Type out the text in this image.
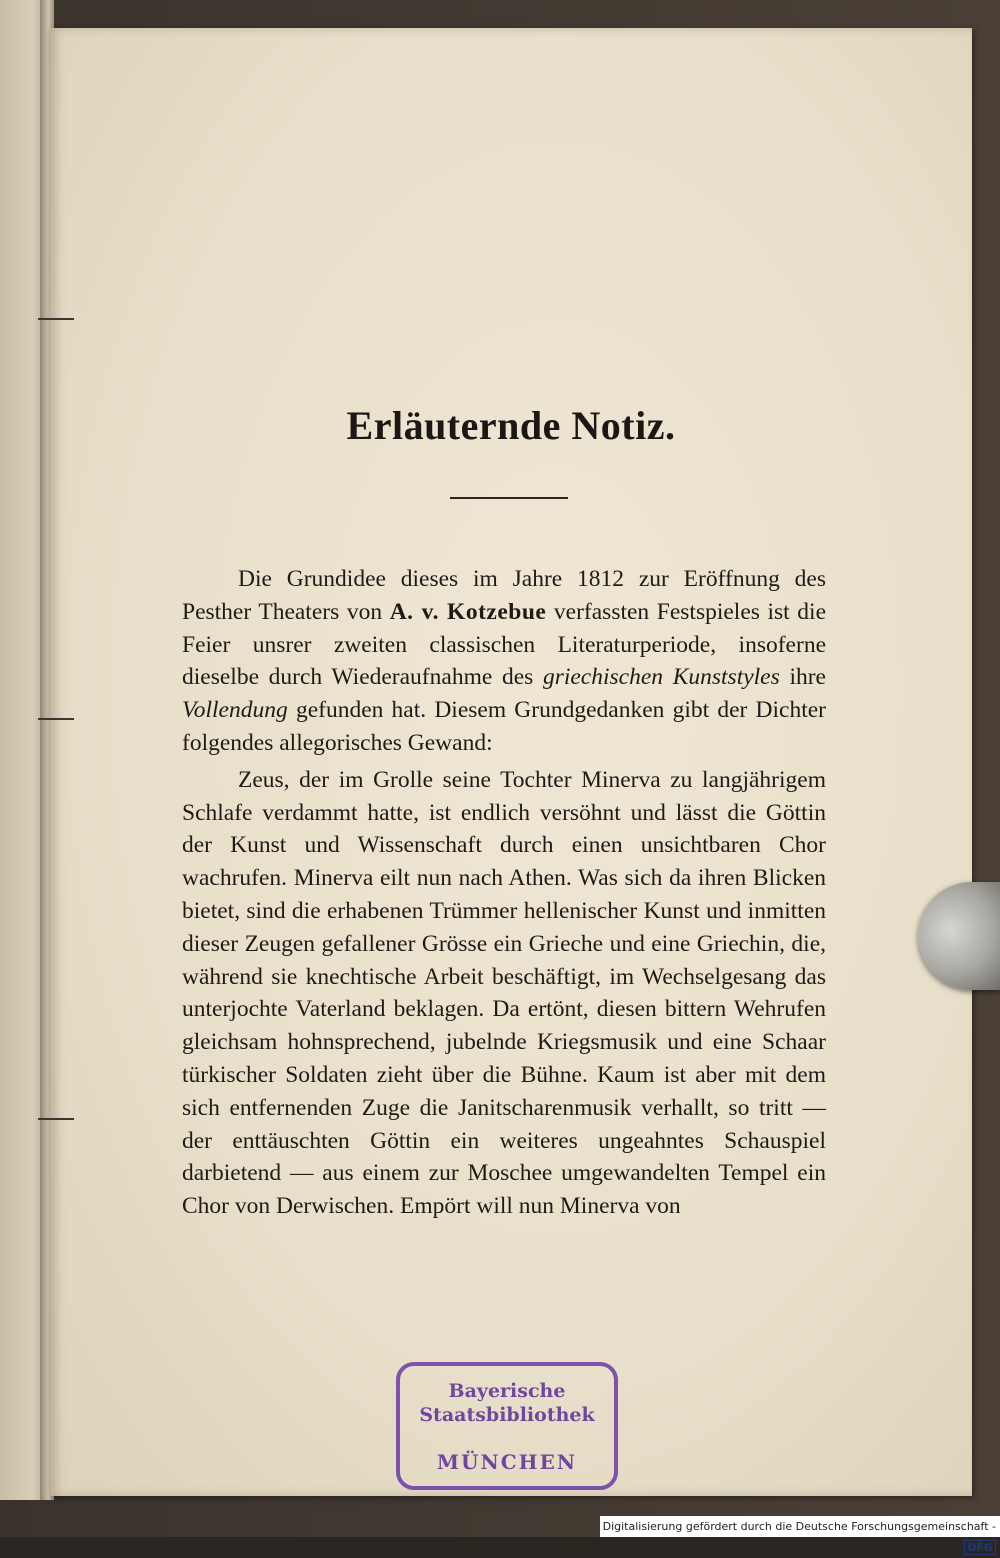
Erläuternde Notiz.

Die Grundidee dieses im Jahre 1812 zur Eröffnung des Pesther Theaters von A. v. Kotzebue verfassten Festspieles ist die Feier unsrer zweiten classischen Literaturperiode, insoferne dieselbe durch Wiederaufnahme des griechischen Kunststyles ihre Vollendung gefunden hat. Diesem Grundgedanken gibt der Dichter folgendes allegorisches Gewand:

Zeus, der im Grolle seine Tochter Minerva zu langjährigem Schlafe verdammt hatte, ist endlich versöhnt und lässt die Göttin der Kunst und Wissenschaft durch einen unsichtbaren Chor wachrufen. Minerva eilt nun nach Athen. Was sich da ihren Blicken bietet, sind die erhabenen Trümmer hellenischer Kunst und inmitten dieser Zeugen gefallener Grösse ein Grieche und eine Griechin, die, während sie knechtische Arbeit beschäftigt, im Wechselgesang das unterjochte Vaterland beklagen. Da ertönt, diesen bittern Wehrufen gleichsam hohnsprechend, jubelnde Kriegsmusik und eine Schaar türkischer Soldaten zieht über die Bühne. Kaum ist aber mit dem sich entfernenden Zuge die Janitscharenmusik verhallt, so tritt — der enttäuschten Göttin ein weiteres ungeahntes Schauspiel darbietend — aus einem zur Moschee umgewandelten Tempel ein Chor von Derwischen. Empört will nun Minerva von

Bayerische
Staatsbibliothek
MÜNCHEN
Digitalisierung gefördert durch die Deutsche Forschungsgemeinschaft - DFG
